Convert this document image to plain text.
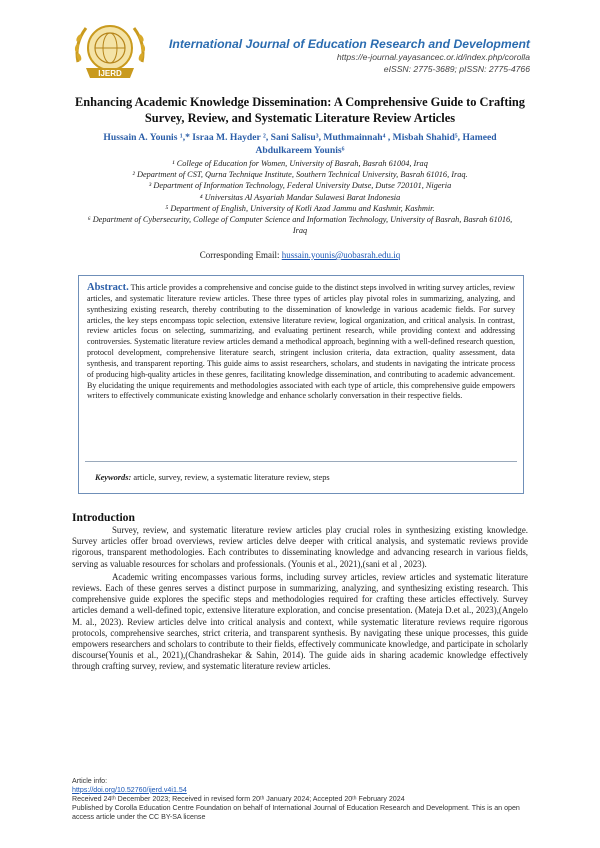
IJERD
International Journal of Education Research and Development
https://e-journal.yayasancec.or.id/index.php/corolla
eISSN: 2775-3689; pISSN: 2775-4766
Enhancing Academic Knowledge Dissemination: A Comprehensive Guide to Crafting Survey, Review, and Systematic Literature Review Articles
Hussain A. Younis ¹,* Israa M. Hayder ², Sani Salisu³, Muthmainnah⁴ , Misbah Shahid⁵, Hameed Abdulkareem Younis⁶
¹ College of Education for Women, University of Basrah, Basrah 61004, Iraq
² Department of CST, Qurna Technique Institute, Southern Technical University, Basrah 61016, Iraq.
³ Department of Information Technology, Federal University Dutse, Dutse 720101, Nigeria
⁴ Universitas Al Asyariah Mandar Sulawesi Barat Indonesia
⁵ Department of English, University of Kotli Azad Jammu and Kashmir, Kashmir.
⁶ Department of Cybersecurity, College of Computer Science and Information Technology, University of Basrah, Basrah 61016, Iraq
Corresponding Email: hussain.younis@uobasrah.edu.iq
Abstract. This article provides a comprehensive and concise guide to the distinct steps involved in writing survey articles, review articles, and systematic literature review articles. These three types of articles play pivotal roles in summarizing, analyzing, and synthesizing existing research, thereby contributing to the dissemination of knowledge in various academic fields. For survey articles, the key steps encompass topic selection, extensive literature review, logical organization, and critical analysis. In contrast, review articles focus on selecting, summarizing, and evaluating pertinent research, while providing context and addressing controversies. Systematic literature review articles demand a methodical approach, beginning with a well-defined research question, protocol development, comprehensive literature search, stringent inclusion criteria, data extraction, quality assessment, data synthesis, and transparent reporting. This guide aims to assist researchers, scholars, and students in navigating the intricate process of producing high-quality articles in these genres, facilitating knowledge dissemination, and contributing to academic advancement. By elucidating the unique requirements and methodologies associated with each type of article, this comprehensive guide empowers writers to effectively communicate existing knowledge and enhance scholarly conversation in their respective fields.
Keywords: article, survey, review, a systematic literature review, steps
Introduction

Survey, review, and systematic literature review articles play crucial roles in synthesizing existing knowledge. Survey articles offer broad overviews, review articles delve deeper with critical analysis, and systematic reviews provide rigorous, transparent methodologies. Each contributes to disseminating knowledge and advancing research in various fields, serving as valuable resources for scholars and professionals. (Younis et al., 2021),(sani et al , 2023).

Academic writing encompasses various forms, including survey articles, review articles and systematic literature reviews. Each of these genres serves a distinct purpose in summarizing, analyzing, and synthesizing existing research. This comprehensive guide explores the specific steps and methodologies required for crafting these articles effectively. Survey articles demand a well-defined topic, extensive literature exploration, and concise presentation. (Mateja D.et al., 2023),(Angelo M. al., 2023). Review articles delve into critical analysis and context, while systematic literature reviews require rigorous protocols, comprehensive searches, strict criteria, and transparent synthesis. By navigating these unique processes, this guide empowers researchers and scholars to contribute to their fields, effectively communicate knowledge, and participate in scholarly discourse(Younis et al., 2021),(Chandrashekar & Sahin, 2014). The guide aids in sharing academic knowledge effectively through crafting survey, review, and systematic literature review articles.

Article info:
https://doi.org/10.52760/ijerd.v4i1.54
Received 24ᵗʰ December 2023; Received in revised form 20ᵗʰ January 2024; Accepted 20ᵗʰ February 2024
Published by Corolla Education Centre Foundation on behalf of International Journal of Education Research and Development. This is an open access article under the CC BY-SA license
